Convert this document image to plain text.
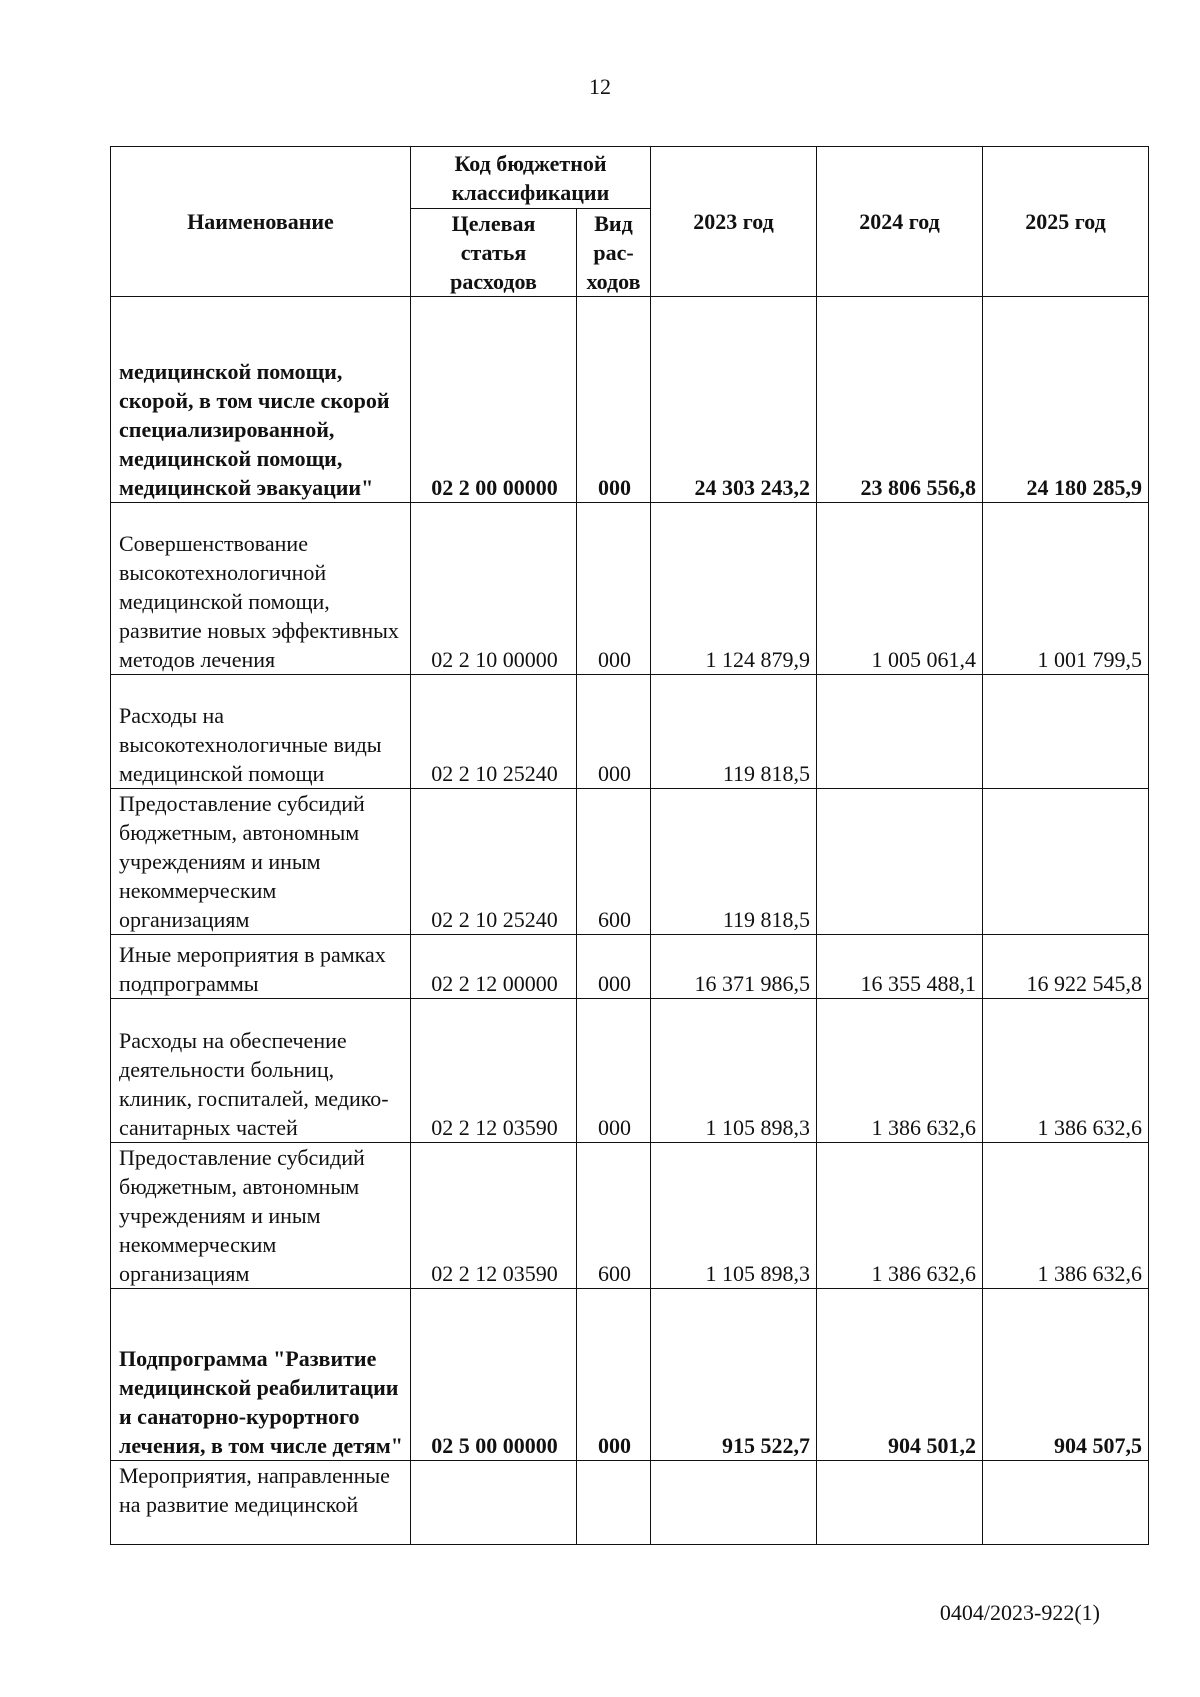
12
Наименование	Код бюджетной классификации		2023 год	2024 год	2025 год
	Целевая статья расходов	Вид рас-ходов			
медицинской помощи, скорой, в том числе скорой специализированной, медицинской помощи, медицинской эвакуации"	02 2 00 00000	000	24 303 243,2	23 806 556,8	24 180 285,9
Совершенствование высокотехнологичной медицинской помощи, развитие новых эффективных методов лечения	02 2 10 00000	000	1 124 879,9	1 005 061,4	1 001 799,5
Расходы на высокотехнологичные виды медицинской помощи	02 2 10 25240	000	119 818,5		
Предоставление субсидий бюджетным, автономным учреждениям и иным некоммерческим организациям	02 2 10 25240	600	119 818,5		
Иные мероприятия в рамках подпрограммы	02 2 12 00000	000	16 371 986,5	16 355 488,1	16 922 545,8
Расходы на обеспечение деятельности больниц, клиник, госпиталей, медико-санитарных частей	02 2 12 03590	000	1 105 898,3	1 386 632,6	1 386 632,6
Предоставление субсидий бюджетным, автономным учреждениям и иным некоммерческим организациям	02 2 12 03590	600	1 105 898,3	1 386 632,6	1 386 632,6
Подпрограмма "Развитие медицинской реабилитации и санаторно-курортного лечения, в том числе детям"	02 5 00 00000	000	915 522,7	904 501,2	904 507,5
Мероприятия, направленные на развитие медицинской					
0404/2023-922(1)
